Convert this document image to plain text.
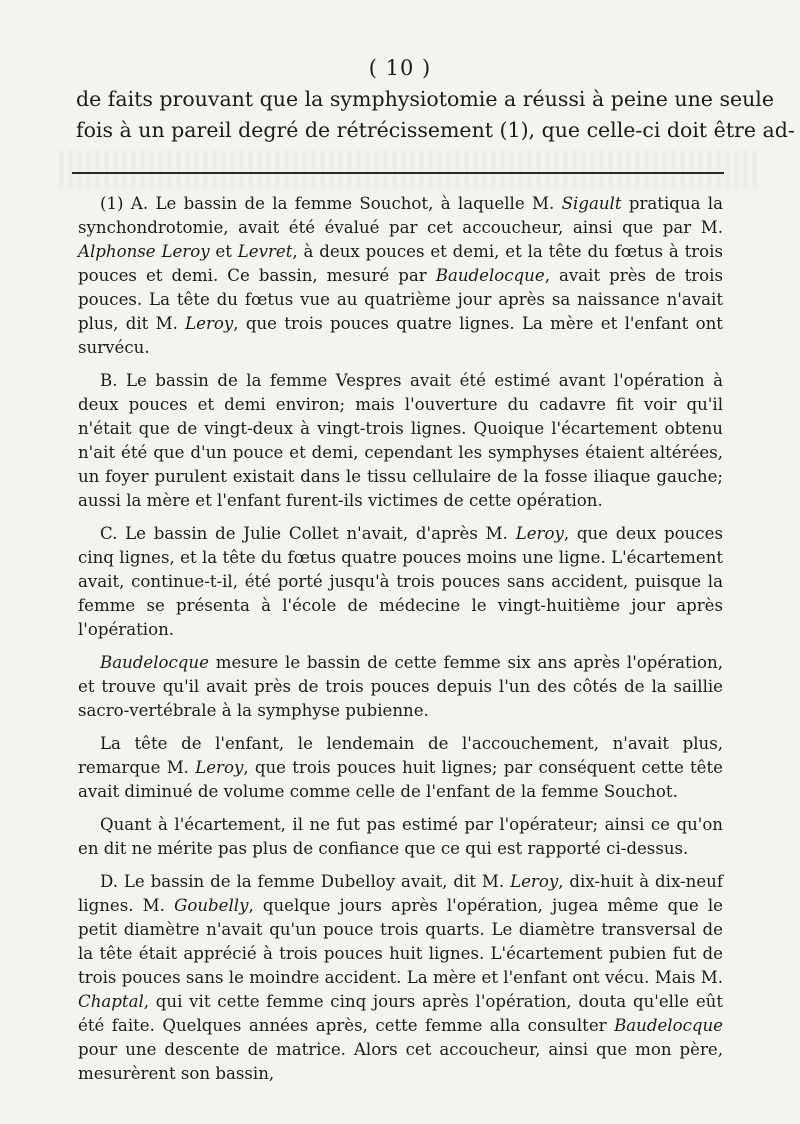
( 10 )
de faits prouvant que la symphysiotomie a réussi à peine une seule
fois à un pareil degré de rétrécissement (1), que celle-ci doit être ad-

(1) A. Le bassin de la femme Souchot, à laquelle M. Sigault pratiqua la synchondrotomie, avait été évalué par cet accoucheur, ainsi que par M. Alphonse Leroy et Levret, à deux pouces et demi, et la tête du fœtus à trois pouces et demi. Ce bassin, mesuré par Baudelocque, avait près de trois pouces. La tête du fœtus vue au quatrième jour après sa naissance n'avait plus, dit M. Leroy, que trois pouces quatre lignes. La mère et l'enfant ont survécu.

B. Le bassin de la femme Vespres avait été estimé avant l'opération à deux pouces et demi environ; mais l'ouverture du cadavre fit voir qu'il n'était que de vingt-deux à vingt-trois lignes. Quoique l'écartement obtenu n'ait été que d'un pouce et demi, cependant les symphyses étaient altérées, un foyer purulent existait dans le tissu cellulaire de la fosse iliaque gauche; aussi la mère et l'enfant furent-ils victimes de cette opération.

C. Le bassin de Julie Collet n'avait, d'après M. Leroy, que deux pouces cinq lignes, et la tête du fœtus quatre pouces moins une ligne. L'écartement avait, continue-t-il, été porté jusqu'à trois pouces sans accident, puisque la femme se présenta à l'école de médecine le vingt-huitième jour après l'opération.

Baudelocque mesure le bassin de cette femme six ans après l'opération, et trouve qu'il avait près de trois pouces depuis l'un des côtés de la saillie sacro-vertébrale à la symphyse pubienne.

La tête de l'enfant, le lendemain de l'accouchement, n'avait plus, remarque M. Leroy, que trois pouces huit lignes; par conséquent cette tête avait diminué de volume comme celle de l'enfant de la femme Souchot.

Quant à l'écartement, il ne fut pas estimé par l'opérateur; ainsi ce qu'on en dit ne mérite pas plus de confiance que ce qui est rapporté ci-dessus.

D. Le bassin de la femme Dubelloy avait, dit M. Leroy, dix-huit à dix-neuf lignes. M. Goubelly, quelque jours après l'opération, jugea même que le petit diamètre n'avait qu'un pouce trois quarts. Le diamètre transversal de la tête était apprécié à trois pouces huit lignes. L'écartement pubien fut de trois pouces sans le moindre accident. La mère et l'enfant ont vécu. Mais M. Chaptal, qui vit cette femme cinq jours après l'opération, douta qu'elle eût été faite. Quelques années après, cette femme alla consulter Baudelocque pour une descente de matrice. Alors cet accoucheur, ainsi que mon père, mesurèrent son bassin,
